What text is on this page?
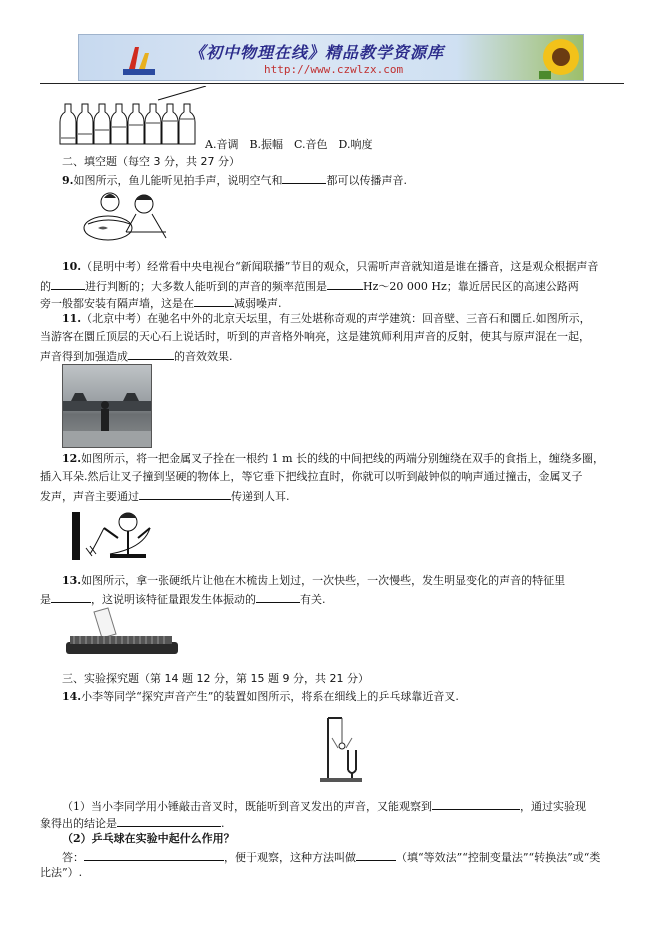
《初中物理在线》精品教学资源库
http://www.czwlzx.com
A.音调　B.振幅　C.音色　D.响度
二、填空题（每空 3 分，共 27 分）
9.如图所示，鱼儿能听见拍手声，说明空气和	都可以传播声音.
10.（昆明中考）经常看中央电视台“新闻联播”节目的观众，只需听声音就知道是谁在播音，这是观众根据声音
的	进行判断的；大多数人能听到的声音的频率范围是	Hz～20 000 Hz；靠近居民区的高速公路两
旁一般都安装有隔声墙，这是在	减弱噪声.
11.（北京中考）在驰名中外的北京天坛里，有三处堪称奇观的声学建筑：回音壁、三音石和圜丘.如图所示，
当游客在圜丘顶层的天心石上说话时，听到的声音格外响亮，这是建筑师利用声音的反射，使其与原声混在一起，
声音得到加强造成	的音效效果.
12.如图所示，将一把金属叉子拴在一根约 1 m 长的线的中间把线的两端分别缠绕在双手的食指上，缠绕多圈，
插入耳朵.然后让叉子撞到坚硬的物体上，等它垂下把线拉直时，你就可以听到敲钟似的响声通过撞击，金属叉子
发声，声音主要通过	传递到人耳.
13.如图所示，拿一张硬纸片让他在木梳齿上划过，一次快些，一次慢些，发生明显变化的声音的特征里
是	，这说明该特征量跟发生体振动的	有关.
三、实验探究题（第 14 题 12 分，第 15 题 9 分，共 21 分）
14.小李等同学“探究声音产生”的装置如图所示，将系在细线上的乒乓球靠近音叉.
（1）当小李同学用小锤敲击音叉时，既能听到音叉发出的声音，又能观察到	，通过实验现
象得出的结论是	.
（2）乒乓球在实验中起什么作用？
答：	，便于观察，这种方法叫做	（填“等效法”“控制变量法”“转换法”或“类
比法”）.
